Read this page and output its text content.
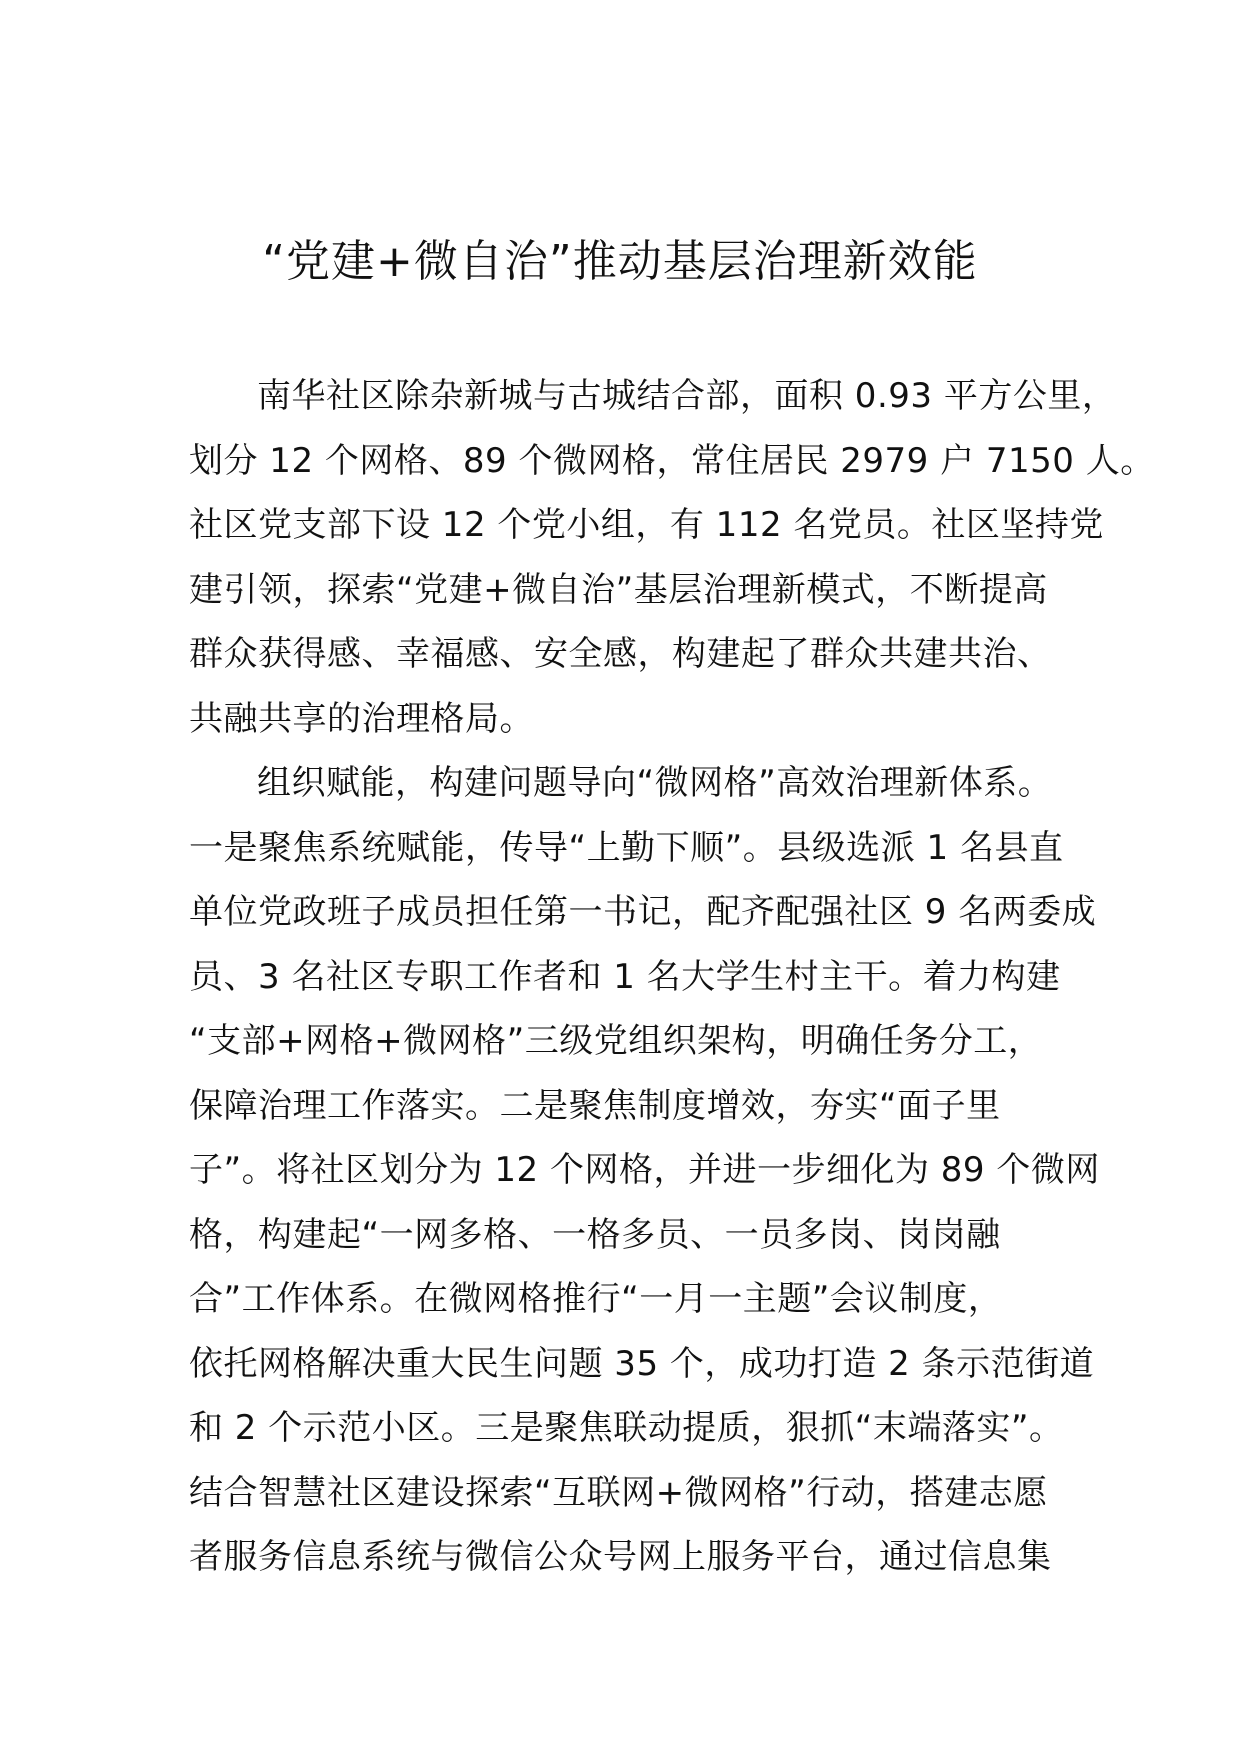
“党建+微自治”推动基层治理新效能
南华社区除杂新城与古城结合部，面积 0.93 平方公里，
划分 12 个网格、89 个微网格，常住居民 2979 户 7150 人。
社区党支部下设 12 个党小组，有 112 名党员。社区坚持党
建引领，探索“党建+微自治”基层治理新模式，不断提高
群众获得感、幸福感、安全感，构建起了群众共建共治、
共融共享的治理格局。
组织赋能，构建问题导向“微网格”高效治理新体系。
一是聚焦系统赋能，传导“上勤下顺”。县级选派 1 名县直
单位党政班子成员担任第一书记，配齐配强社区 9 名两委成
员、3 名社区专职工作者和 1 名大学生村主干。着力构建
“支部+网格+微网格”三级党组织架构，明确任务分工，
保障治理工作落实。二是聚焦制度增效，夯实“面子里
子”。将社区划分为 12 个网格，并进一步细化为 89 个微网
格，构建起“一网多格、一格多员、一员多岗、岗岗融
合”工作体系。在微网格推行“一月一主题”会议制度，
依托网格解决重大民生问题 35 个，成功打造 2 条示范街道
和 2 个示范小区。三是聚焦联动提质，狠抓“末端落实”。
结合智慧社区建设探索“互联网+微网格”行动，搭建志愿
者服务信息系统与微信公众号网上服务平台，通过信息集
